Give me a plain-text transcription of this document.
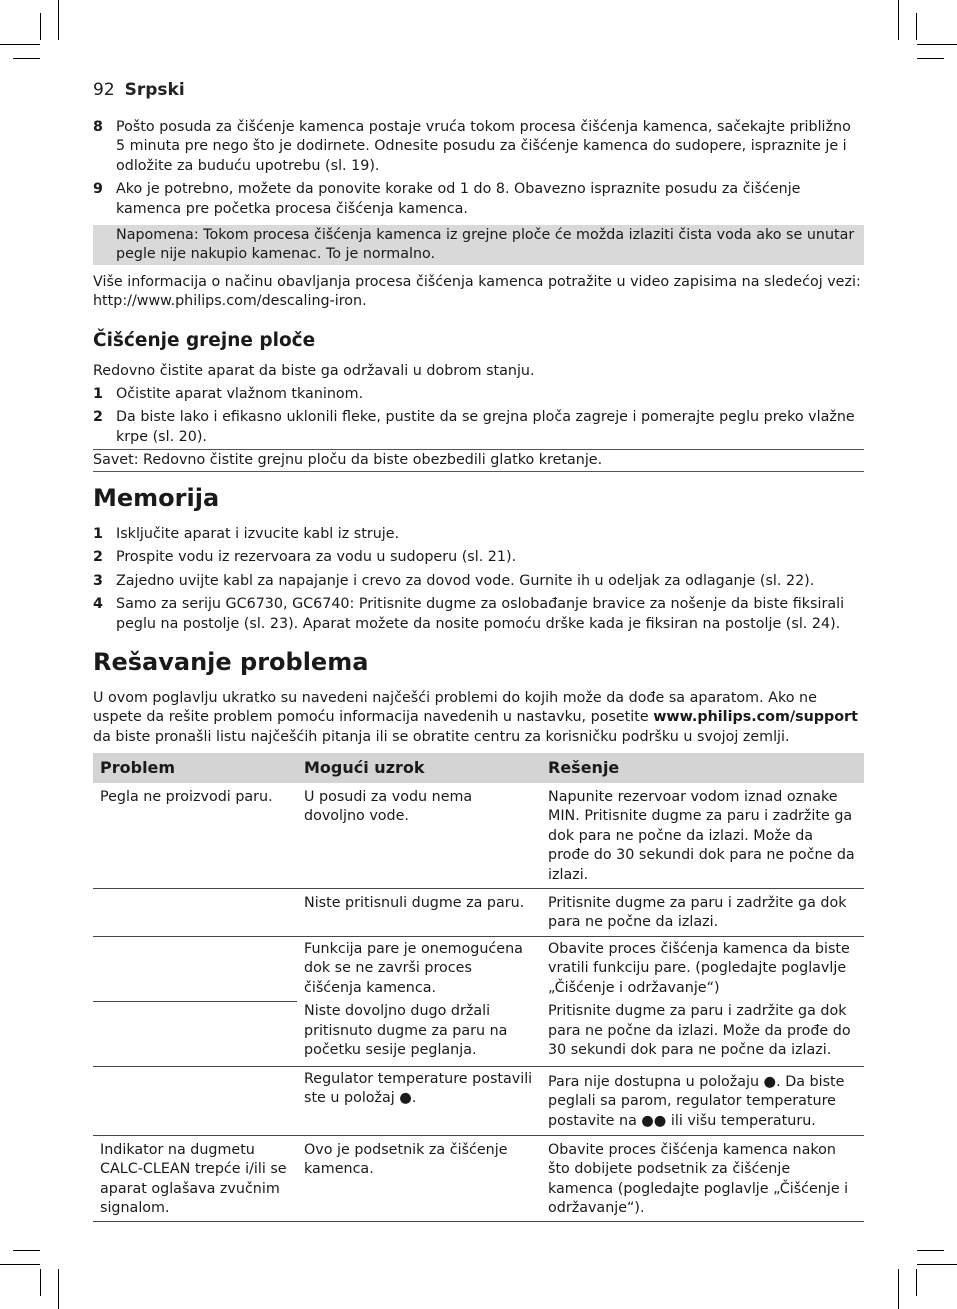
92 Srpski
8 Pošto posuda za čišćenje kamenca postaje vruća tokom procesa čišćenja kamenca, sačekajte približno 5 minuta pre nego što je dodirnete. Odnesite posudu za čišćenje kamenca do sudopere, ispraznite je i odložite za buduću upotrebu (sl. 19).
9 Ako je potrebno, možete da ponovite korake od 1 do 8. Obavezno ispraznite posudu za čišćenje kamenca pre početka procesa čišćenja kamenca.
Napomena: Tokom procesa čišćenja kamenca iz grejne ploče će možda izlaziti čista voda ako se unutar pegle nije nakupio kamenac. To je normalno.
Više informacija o načinu obavljanja procesa čišćenja kamenca potražite u video zapisima na sledećoj vezi: http://www.philips.com/descaling-iron.
Čišćenje grejne ploče
Redovno čistite aparat da biste ga održavali u dobrom stanju.
1 Očistite aparat vlažnom tkaninom.
2 Da biste lako i efikasno uklonili fleke, pustite da se grejna ploča zagreje i pomerajte peglu preko vlažne krpe (sl. 20).
Savet: Redovno čistite grejnu ploču da biste obezbedili glatko kretanje.
Memorija
1 Isključite aparat i izvucite kabl iz struje.
2 Prospite vodu iz rezervoara za vodu u sudoperu (sl. 21).
3 Zajedno uvijte kabl za napajanje i crevo za dovod vode. Gurnite ih u odeljak za odlaganje (sl. 22).
4 Samo za seriju GC6730, GC6740: Pritisnite dugme za oslobađanje bravice za nošenje da biste fiksirali peglu na postolje (sl. 23). Aparat možete da nosite pomoću drške kada je fiksiran na postolje (sl. 24).
Rešavanje problema
U ovom poglavlju ukratko su navedeni najčešći problemi do kojih može da dođe sa aparatom. Ako ne uspete da rešite problem pomoću informacija navedenih u nastavku, posetite www.philips.com/support da biste pronašli listu najčešćih pitanja ili se obratite centru za korisničku podršku u svojoj zemlji.
Problem	Mogući uzrok	Rešenje
Pegla ne proizvodi paru.	U posudi za vodu nema dovoljno vode.	Napunite rezervoar vodom iznad oznake MIN. Pritisnite dugme za paru i zadržite ga dok para ne počne da izlazi. Može da prođe do 30 sekundi dok para ne počne da izlazi.
	Niste pritisnuli dugme za paru.	Pritisnite dugme za paru i zadržite ga dok para ne počne da izlazi.
	Funkcija pare je onemogućena dok se ne završi proces čišćenja kamenca.	Obavite proces čišćenja kamenca da biste vratili funkciju pare. (pogledajte poglavlje „Čišćenje i održavanje“)
	Niste dovoljno dugo držali pritisnuto dugme za paru na početku sesije peglanja.	Pritisnite dugme za paru i zadržite ga dok para ne počne da izlazi. Može da prođe do 30 sekundi dok para ne počne da izlazi.
	Regulator temperature postavili ste u položaj ●.	Para nije dostupna u položaju ●. Da biste peglali sa parom, regulator temperature postavite na ●● ili višu temperaturu.
Indikator na dugmetu CALC-CLEAN trepće i/ili se aparat oglašava zvučnim signalom.	Ovo je podsetnik za čišćenje kamenca.	Obavite proces čišćenja kamenca nakon što dobijete podsetnik za čišćenje kamenca (pogledajte poglavlje „Čišćenje i održavanje“).
